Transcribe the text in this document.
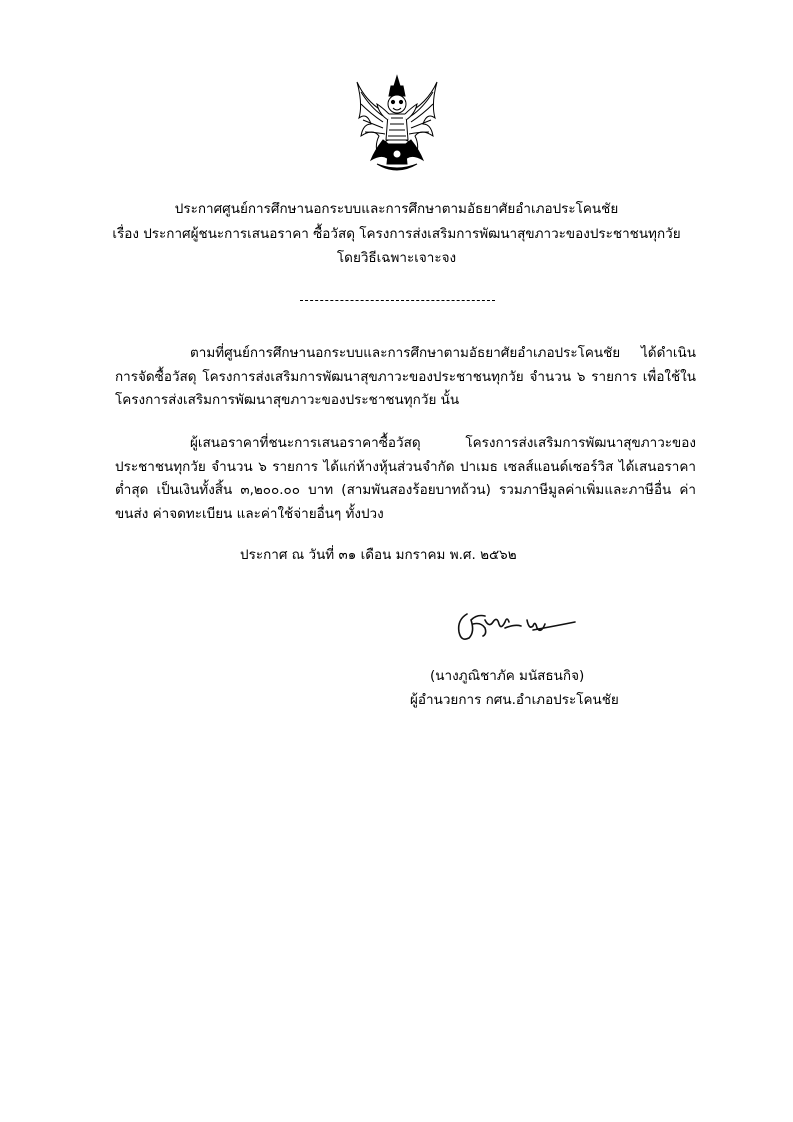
ประกาศศูนย์การศึกษานอกระบบและการศึกษาตามอัธยาศัยอำเภอประโคนชัย
เรื่อง ประกาศผู้ชนะการเสนอราคา ซื้อวัสดุ โครงการส่งเสริมการพัฒนาสุขภาวะของประชาชนทุกวัย
โดยวิธีเฉพาะเจาะจง

ตามที่ศูนย์การศึกษานอกระบบและการศึกษาตามอัธยาศัยอำเภอประโคนชัย ได้ดำเนินการจัดซื้อวัสดุ โครงการส่งเสริมการพัฒนาสุขภาวะของประชาชนทุกวัย จำนวน ๖ รายการ เพื่อใช้ในโครงการส่งเสริมการพัฒนาสุขภาวะของประชาชนทุกวัย นั้น

ผู้เสนอราคาที่ชนะการเสนอราคาซื้อวัสดุ โครงการส่งเสริมการพัฒนาสุขภาวะของประชาชนทุกวัย จำนวน ๖ รายการ ได้แก่ห้างหุ้นส่วนจำกัด ปาเมธ เซลส์แอนด์เซอร์วิส ได้เสนอราคาต่ำสุด เป็นเงินทั้งสิ้น ๓,๒๐๐.๐๐ บาท (สามพันสองร้อยบาทถ้วน) รวมภาษีมูลค่าเพิ่มและภาษีอื่น ค่าขนส่ง ค่าจดทะเบียน และค่าใช้จ่ายอื่นๆ ทั้งปวง

ประกาศ ณ วันที่ ๓๑ เดือน มกราคม พ.ศ. ๒๕๖๒
(นางภูณิชาภัค มนัสธนกิจ)
ผู้อำนวยการ กศน.อำเภอประโคนชัย
